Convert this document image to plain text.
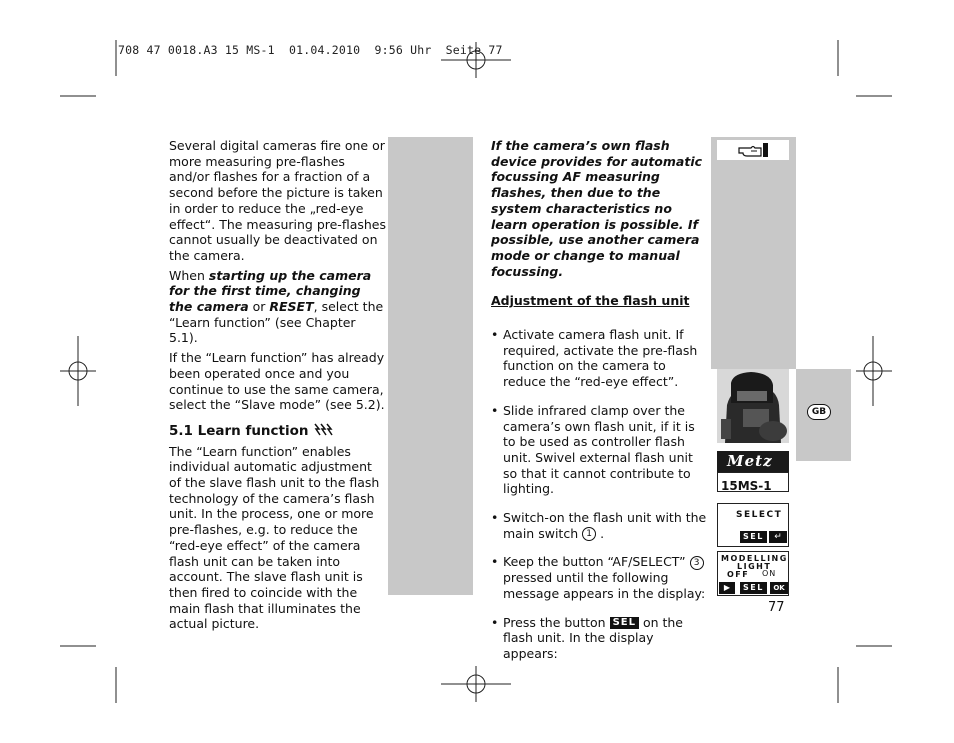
708 47 0018.A3 15 MS-1  01.04.2010  9:56 Uhr  Seite 77
GB

Several digital cameras fire one or more measuring pre-flashes and/or flashes for a fraction of a second before the picture is taken in order to reduce the „red-eye effect“. The measuring pre-flashes cannot usually be deactivated on the camera.

When starting up the camera for the first time, changing the camera or RESET, select the “Learn function” (see Chapter 5.1).

If the “Learn function” has already been operated once and you continue to use the same camera, select the “Slave mode” (see 5.2).

5.1 Learn function

The “Learn function” enables individual automatic adjustment of the slave flash unit to the flash technology of the camera’s flash unit. In the process, one or more pre-flashes, e.g. to reduce the “red-eye effect” of the camera flash unit can be taken into account. The slave flash unit is then fired to coincide with the main flash that illuminates the actual picture.

If the camera’s own flash device provides for automatic focussing AF measuring flashes, then due to the system characteristics no learn operation is possible. If possible, use another camera mode or change to manual focussing.

Adjustment of the flash unit
• Activate camera flash unit. If required, activate the pre-flash function on the camera to reduce the “red-eye effect”.
• Slide infrared clamp over the camera’s own flash unit, if it is to be used as controller flash unit. Swivel external flash unit so that it cannot contribute to lighting.
• Switch-on the flash unit with the main switch 1 .
• Keep the button “AF/SELECT” 3 pressed until the following message appears in the display:
• Press the button SEL on the flash unit. In the display appears:
Metz
15MS-1
SELECT
SEL	↵
MODELLING
LIGHT
OFF ON
▶	SEL	OK
77
